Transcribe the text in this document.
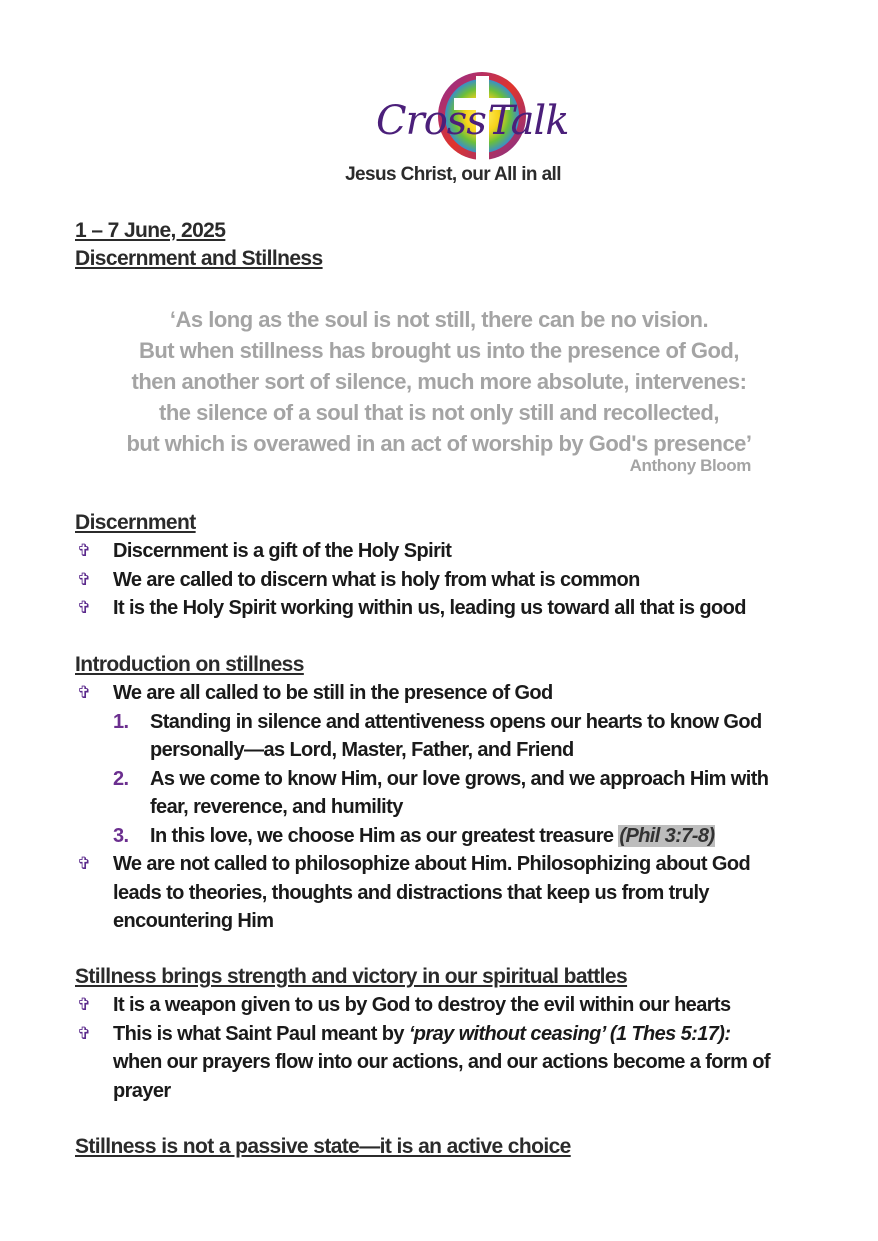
Cross Talk
Jesus Christ, our All in all
1 – 7 June, 2025
Discernment and Stillness
‘As long as the soul is not still, there can be no vision.
But when stillness has brought us into the presence of God,
then another sort of silence, much more absolute, intervenes:
the silence of a soul that is not only still and recollected,
but which is overawed in an act of worship by God's presence’
Anthony Bloom
Discernment
✞ Discernment is a gift of the Holy Spirit
✞ We are called to discern what is holy from what is common
✞ It is the Holy Spirit working within us, leading us toward all that is good
Introduction on stillness
✞ We are all called to be still in the presence of God
1. Standing in silence and attentiveness opens our hearts to know God
personally—as Lord, Master, Father, and Friend
2. As we come to know Him, our love grows, and we approach Him with
fear, reverence, and humility
3. In this love, we choose Him as our greatest treasure (Phil 3:7-8)
✞ We are not called to philosophize about Him. Philosophizing about God
leads to theories, thoughts and distractions that keep us from truly
encountering Him
Stillness brings strength and victory in our spiritual battles
✞ It is a weapon given to us by God to destroy the evil within our hearts
✞ This is what Saint Paul meant by ‘pray without ceasing’ (1 Thes 5:17):
when our prayers flow into our actions, and our actions become a form of
prayer
Stillness is not a passive state—it is an active choice
